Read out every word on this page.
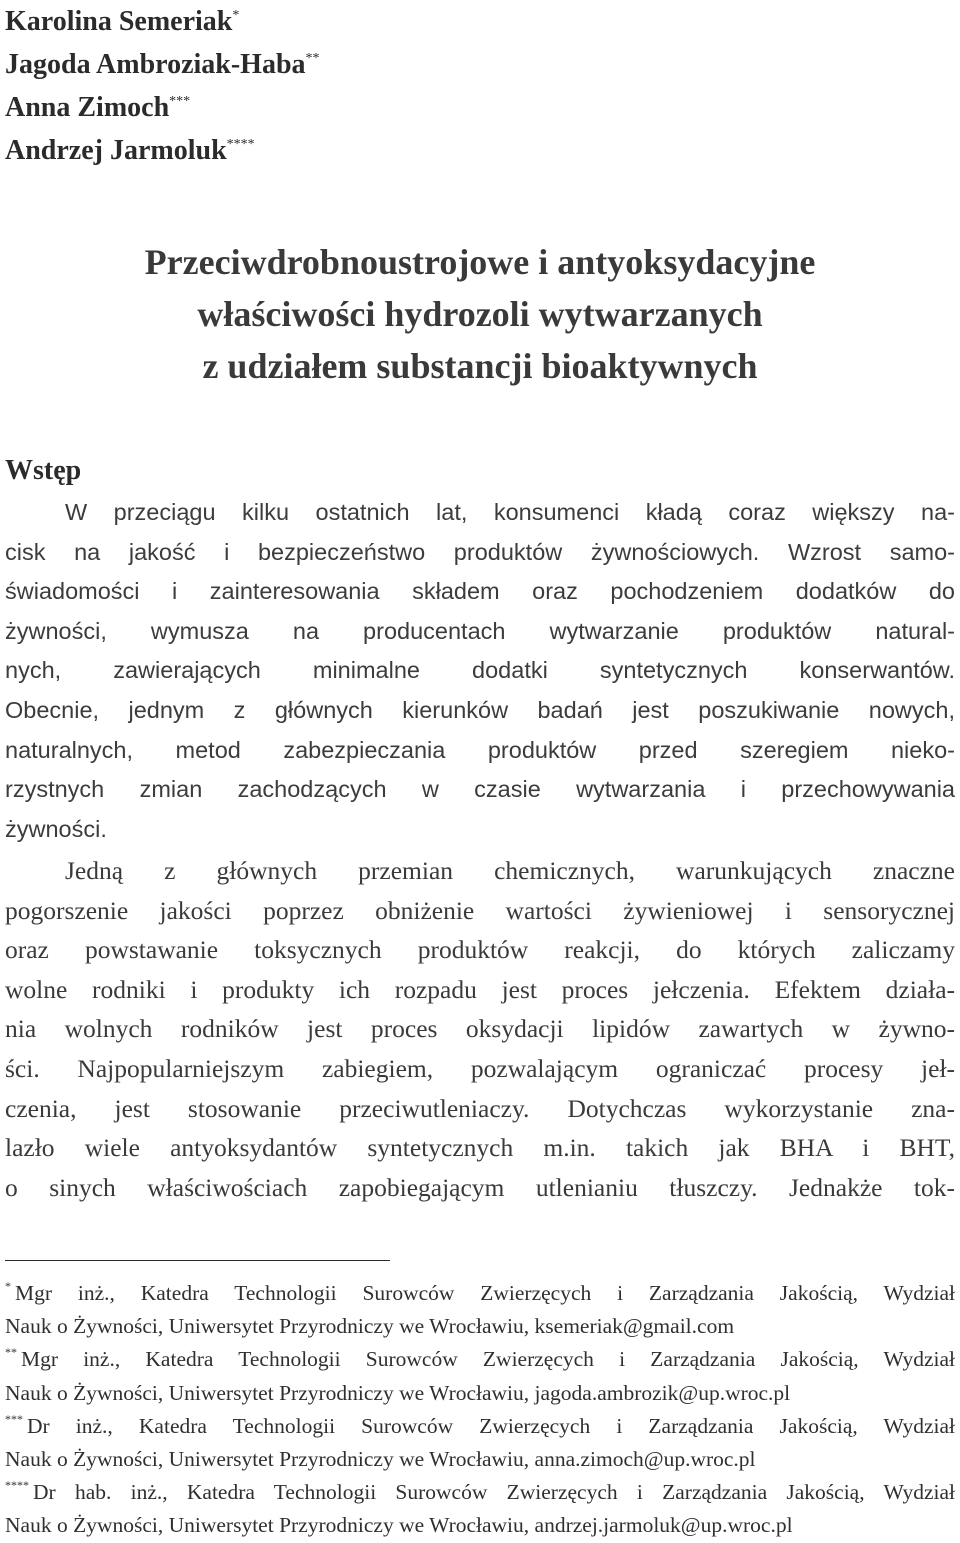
Karolina Semeriak*
Jagoda Ambroziak-Haba**
Anna Zimoch***
Andrzej Jarmoluk****
Przeciwdrobnoustrojowe i antyoksydacyjne
właściwości hydrozoli wytwarzanych
z udziałem substancji bioaktywnych
Wstęp
W przeciągu kilku ostatnich lat, konsumenci kładą coraz większy na-
cisk na jakość i bezpieczeństwo produktów żywnościowych. Wzrost samo-
świadomości i zainteresowania składem oraz pochodzeniem dodatków do
żywności, wymusza na producentach wytwarzanie produktów natural-
nych, zawierających minimalne dodatki syntetycznych konserwantów.
Obecnie, jednym z głównych kierunków badań jest poszukiwanie nowych,
naturalnych, metod zabezpieczania produktów przed szeregiem nieko-
rzystnych zmian zachodzących w czasie wytwarzania i przechowywania
żywności.
Jedną z głównych przemian chemicznych, warunkujących znaczne
pogorszenie jakości poprzez obniżenie wartości żywieniowej i sensorycznej
oraz powstawanie toksycznych produktów reakcji, do których zaliczamy
wolne rodniki i produkty ich rozpadu jest proces jełczenia. Efektem działa-
nia wolnych rodników jest proces oksydacji lipidów zawartych w żywno-
ści. Najpopularniejszym zabiegiem, pozwalającym ograniczać procesy jeł-
czenia, jest stosowanie przeciwutleniaczy. Dotychczas wykorzystanie zna-
lazło wiele antyoksydantów syntetycznych m.in. takich jak BHA i BHT,
o sinych właściwościach zapobiegającym utlenianiu tłuszczy. Jednakże tok-
* Mgr inż., Katedra Technologii Surowców Zwierzęcych i Zarządzania Jakością, Wydział
Nauk o Żywności, Uniwersytet Przyrodniczy we Wrocławiu, ksemeriak@gmail.com
** Mgr inż., Katedra Technologii Surowców Zwierzęcych i Zarządzania Jakością, Wydział
Nauk o Żywności, Uniwersytet Przyrodniczy we Wrocławiu, jagoda.ambrozik@up.wroc.pl
*** Dr inż., Katedra Technologii Surowców Zwierzęcych i Zarządzania Jakością, Wydział
Nauk o Żywności, Uniwersytet Przyrodniczy we Wrocławiu, anna.zimoch@up.wroc.pl
**** Dr hab. inż., Katedra Technologii Surowców Zwierzęcych i Zarządzania Jakością, Wydział
Nauk o Żywności, Uniwersytet Przyrodniczy we Wrocławiu, andrzej.jarmoluk@up.wroc.pl
